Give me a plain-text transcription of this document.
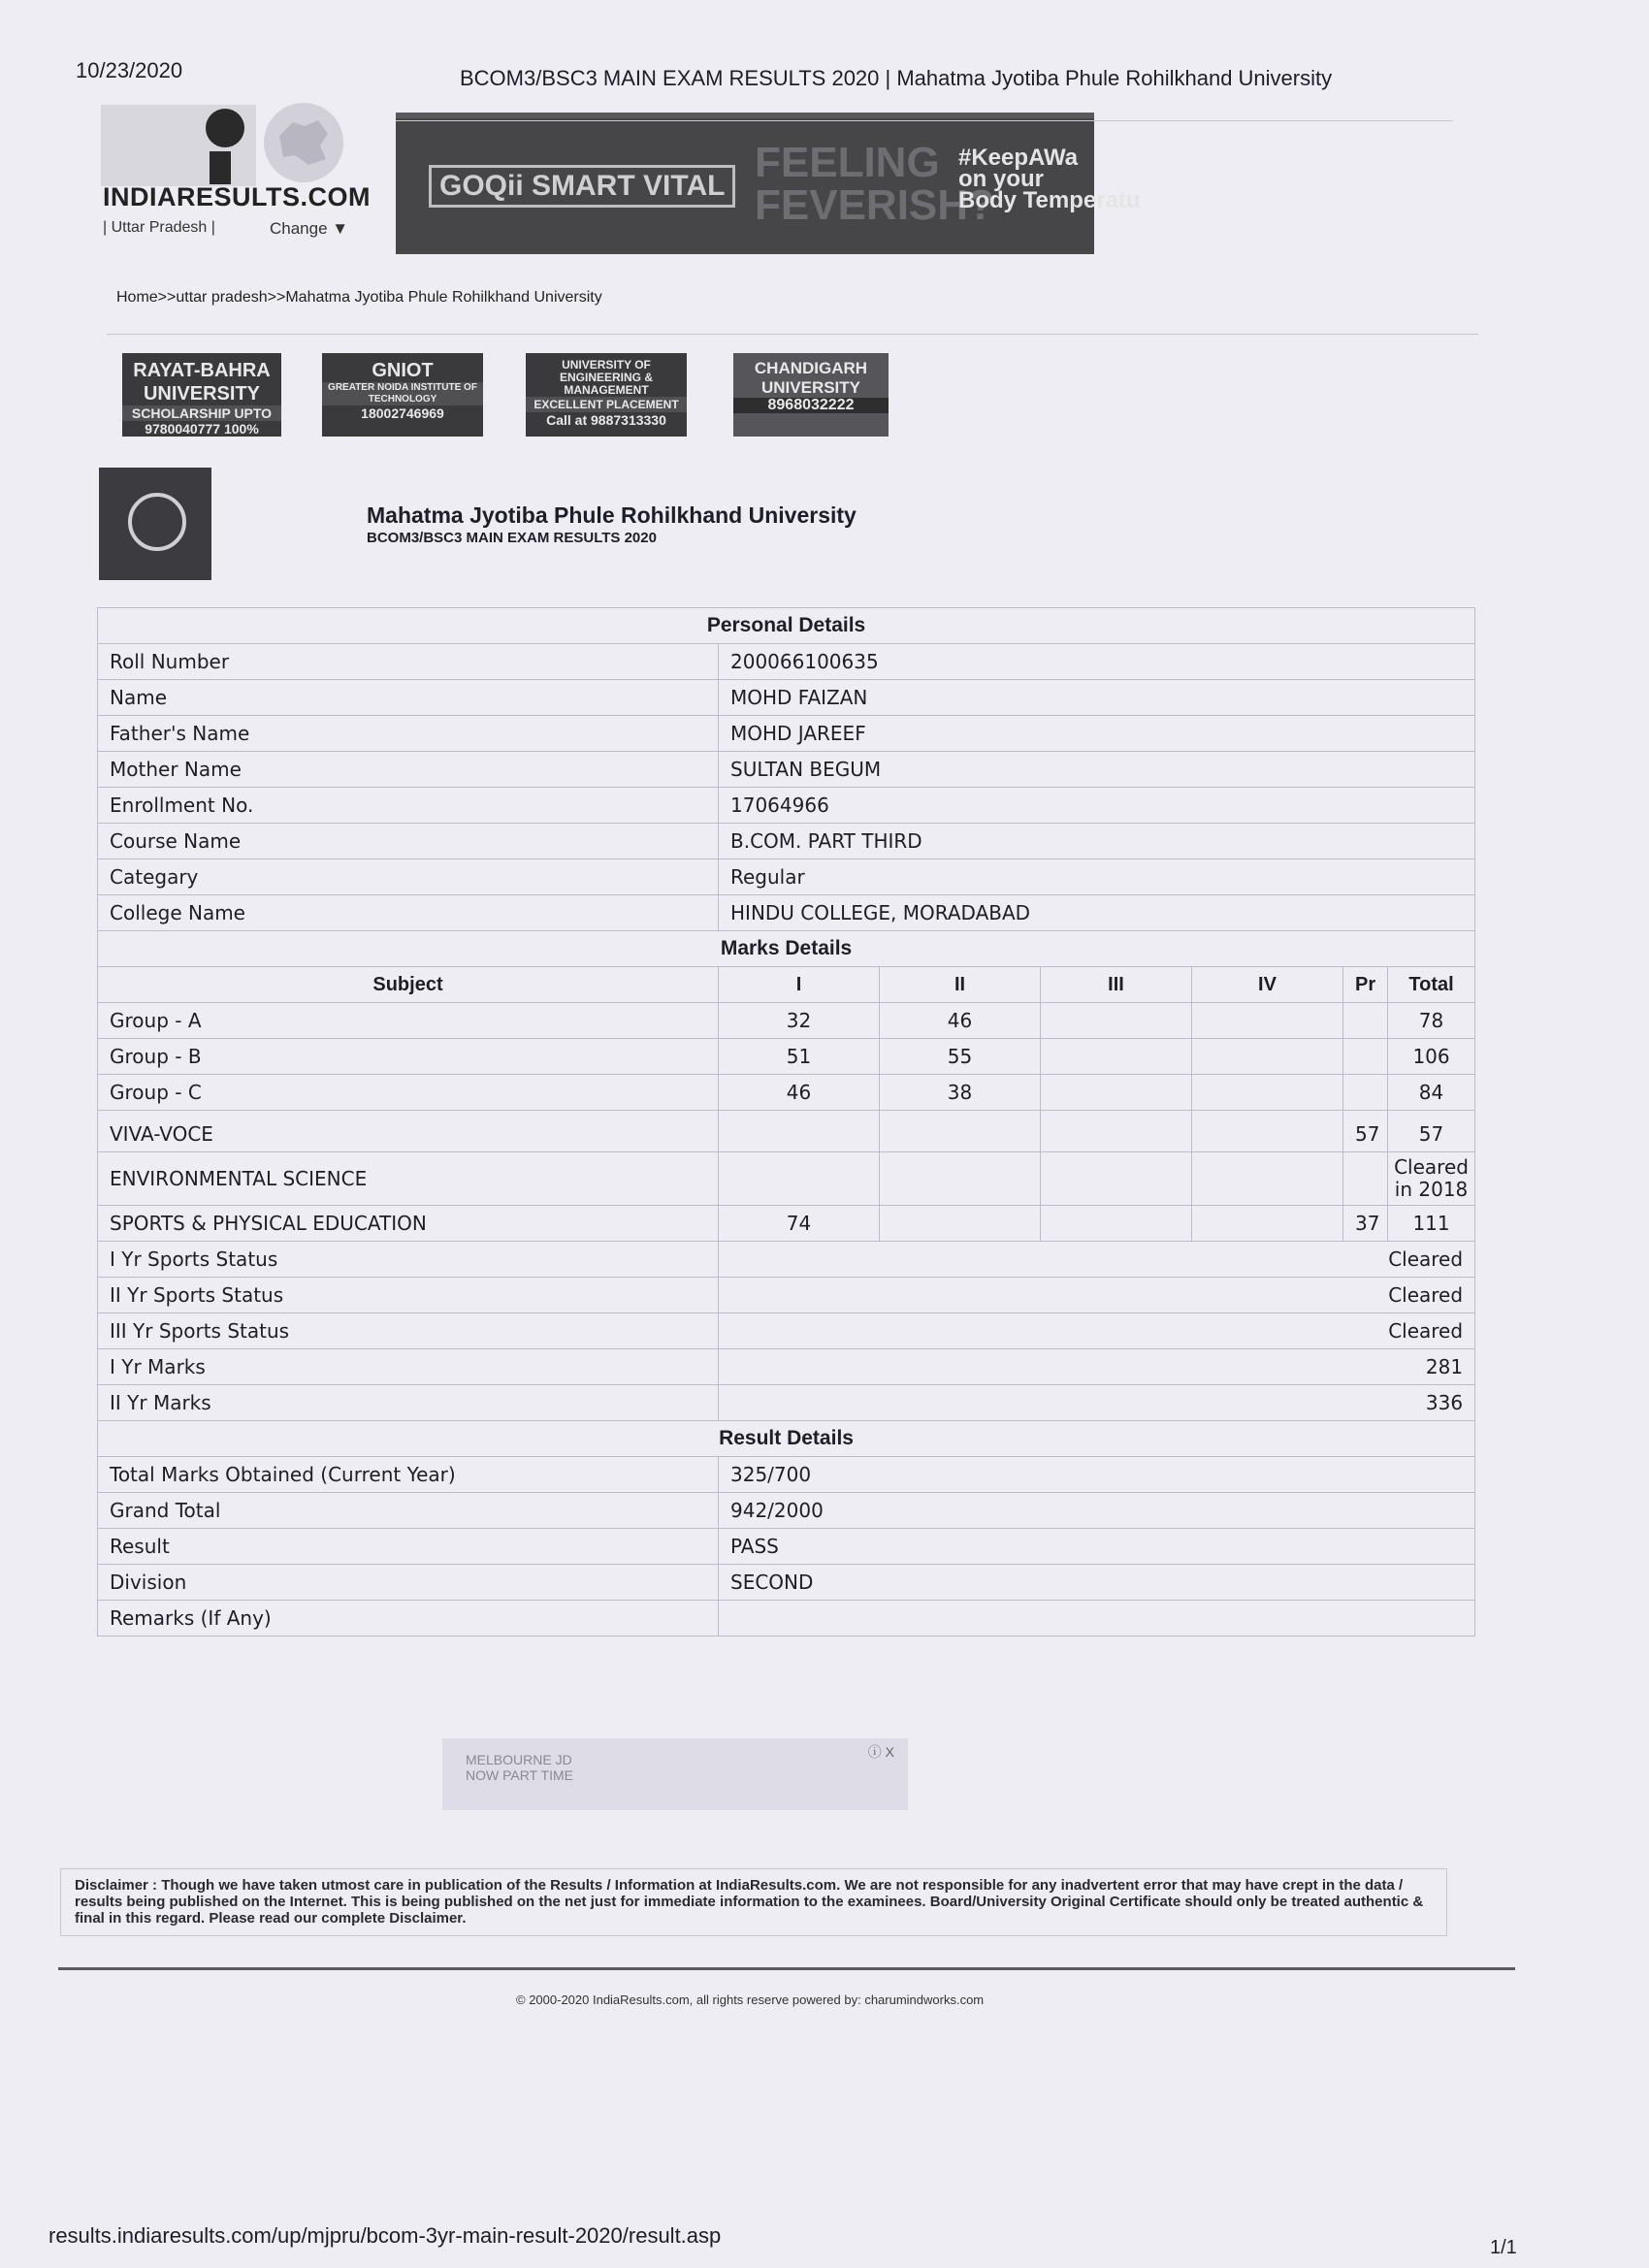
10/23/2020	BCOM3/BSC3 MAIN EXAM RESULTS 2020 | Mahatma Jyotiba Phule Rohilkhand University
INDIARESULTS.COM
| Uttar Pradesh |	Change ▼
GOQii SMART VITAL FEELING
FEVERISH?
#KeepAWa
on your
Body Temperatu
Home>>uttar pradesh>>Mahatma Jyotiba Phule Rohilkhand University
RAYAT-BAHRA UNIVERSITY
SCHOLARSHIP UPTO
9780040777 100%
GNIOT
GREATER NOIDA INSTITUTE OF TECHNOLOGY
18002746969
UNIVERSITY OF ENGINEERING & MANAGEMENT
EXCELLENT PLACEMENT
Call at 9887313330
CHANDIGARH UNIVERSITY
8968032222
Mahatma Jyotiba Phule Rohilkhand University
BCOM3/BSC3 MAIN EXAM RESULTS 2020
Personal Details						
Roll Number	200066100635					
Name	MOHD FAIZAN					
Father's Name	MOHD JAREEF					
Mother Name	SULTAN BEGUM					
Enrollment No.	17064966					
Course Name	B.COM. PART THIRD					
Categary	Regular					
College Name	HINDU COLLEGE, MORADABAD					
Marks Details						
Subject	I	II	III	IV	Pr	Total
Group - A	32	46				78
Group - B	51	55				106
Group - C	46	38				84
VIVA-VOCE					57	57
ENVIRONMENTAL SCIENCE						Cleared in 2018
SPORTS & PHYSICAL EDUCATION	74				37	111
I Yr Sports Status	Cleared					
II Yr Sports Status	Cleared					
III Yr Sports Status	Cleared					
I Yr Marks	281					
II Yr Marks	336					
Result Details						
Total Marks Obtained (Current Year)	325/700					
Grand Total	942/2000					
Result	PASS					
Division	SECOND					
Remarks (If Any)						
MELBOURNE JD
NOW PART TIME
ⓘ X
Disclaimer : Though we have taken utmost care in publication of the Results / Information at IndiaResults.com. We are not responsible for any inadvertent error that may have crept in the data / results being published on the Internet. This is being published on the net just for immediate information to the examinees. Board/University Original Certificate should only be treated authentic & final in this regard. Please read our complete Disclaimer.
© 2000-2020 IndiaResults.com, all rights reserve powered by: charumindworks.com
results.indiaresults.com/up/mjpru/bcom-3yr-main-result-2020/result.asp	1/1
